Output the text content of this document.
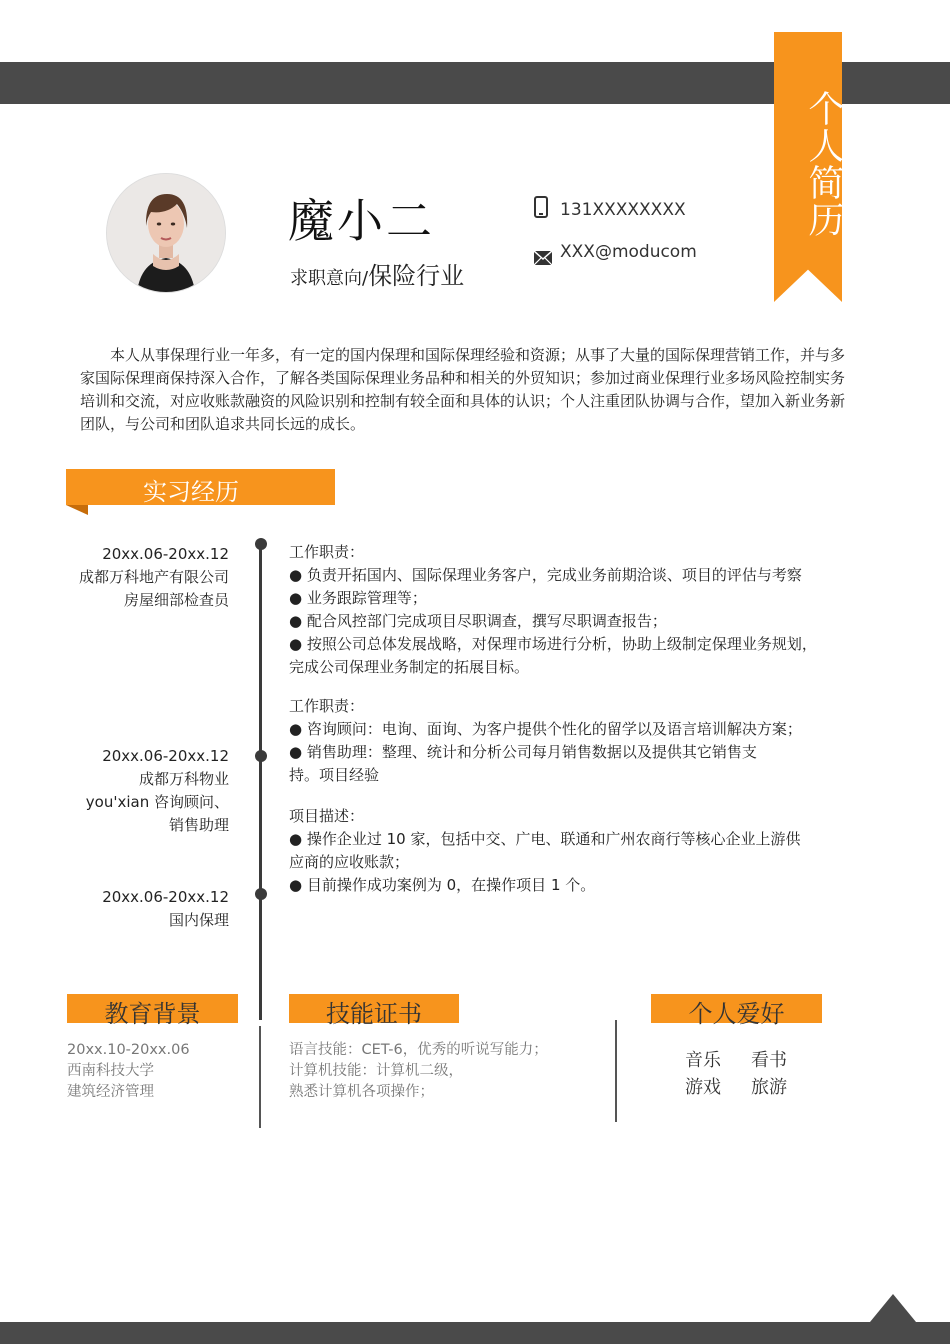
个人简历
魔小二
求职意向/保险行业
131XXXXXXXX
XXX@moducom
本人从事保理行业一年多，有一定的国内保理和国际保理经验和资源；从事了大量的国际保理营销工作，并与多家国际保理商保持深入合作，了解各类国际保理业务品种和相关的外贸知识；参加过商业保理行业多场风险控制实务培训和交流，对应收账款融资的风险识别和控制有较全面和具体的认识；个人注重团队协调与合作，望加入新业务新团队，与公司和团队追求共同长远的成长。
实习经历
20xx.06-20xx.12
成都万科地产有限公司房屋细部检查员
20xx.06-20xx.12
成都万科物业you'xian 咨询顾问、销售助理
20xx.06-20xx.12
国内保理
工作职责：
● 负责开拓国内、国际保理业务客户，完成业务前期洽谈、项目的评估与考察
● 业务跟踪管理等；
● 配合风控部门完成项目尽职调查，撰写尽职调查报告；
● 按照公司总体发展战略，对保理市场进行分析，协助上级制定保理业务规划，
完成公司保理业务制定的拓展目标。
工作职责：
● 咨询顾问：电询、面询、为客户提供个性化的留学以及语言培训解决方案；
● 销售助理：整理、统计和分析公司每月销售数据以及提供其它销售支
持。项目经验
项目描述：
● 操作企业过 10 家，包括中交、广电、联通和广州农商行等核心企业上游供
应商的应收账款；
● 目前操作成功案例为 0，在操作项目 1 个。
教育背景	技能证书	个人爱好
20xx.10-20xx.06
西南科技大学
建筑经济管理
语言技能：CET-6，优秀的听说写能力；
计算机技能：计算机二级，
熟悉计算机各项操作；
音乐 看书
游戏 旅游
